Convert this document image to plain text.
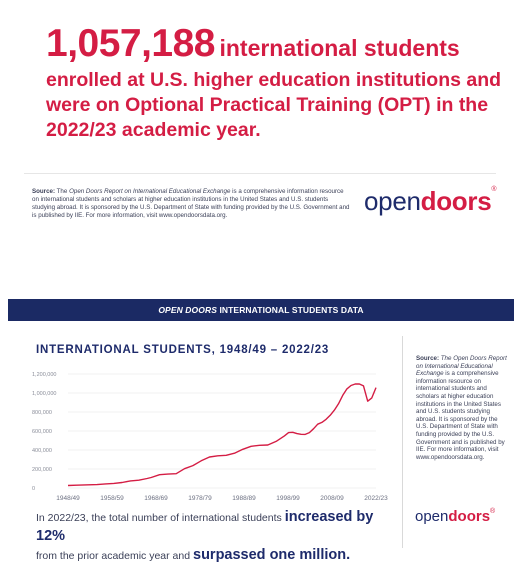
1,057,188 international students
enrolled at U.S. higher education institutions and were on Optional Practical Training (OPT) in the 2022/23 academic year.
Source: The Open Doors Report on International Educational Exchange is a comprehensive information resource on international students and scholars at higher education institutions in the United States and U.S. students studying abroad. It is sponsored by the U.S. Department of State with funding provided by the U.S. Government and is published by IIE. For more information, visit www.opendoorsdata.org.	opendoors®
OPEN DOORS INTERNATIONAL STUDENTS DATA
INTERNATIONAL STUDENTS, 1948/49 – 2022/23
0
200,000
400,000
600,000
800,000
1,000,000
1,200,000
1948/49	1958/59	1968/69	1978/79	1988/89	1998/99	2008/09	2022/23
In 2022/23, the total number of international students increased by 12%
from the prior academic year and surpassed one million.
Source: The Open Doors Report on International Educational Exchange is a comprehensive information resource on international students and scholars at higher education institutions in the United States and U.S. students studying abroad. It is sponsored by the U.S. Department of State with funding provided by the U.S. Government and is published by IIE. For more information, visit www.opendoorsdata.org.
opendoors®
